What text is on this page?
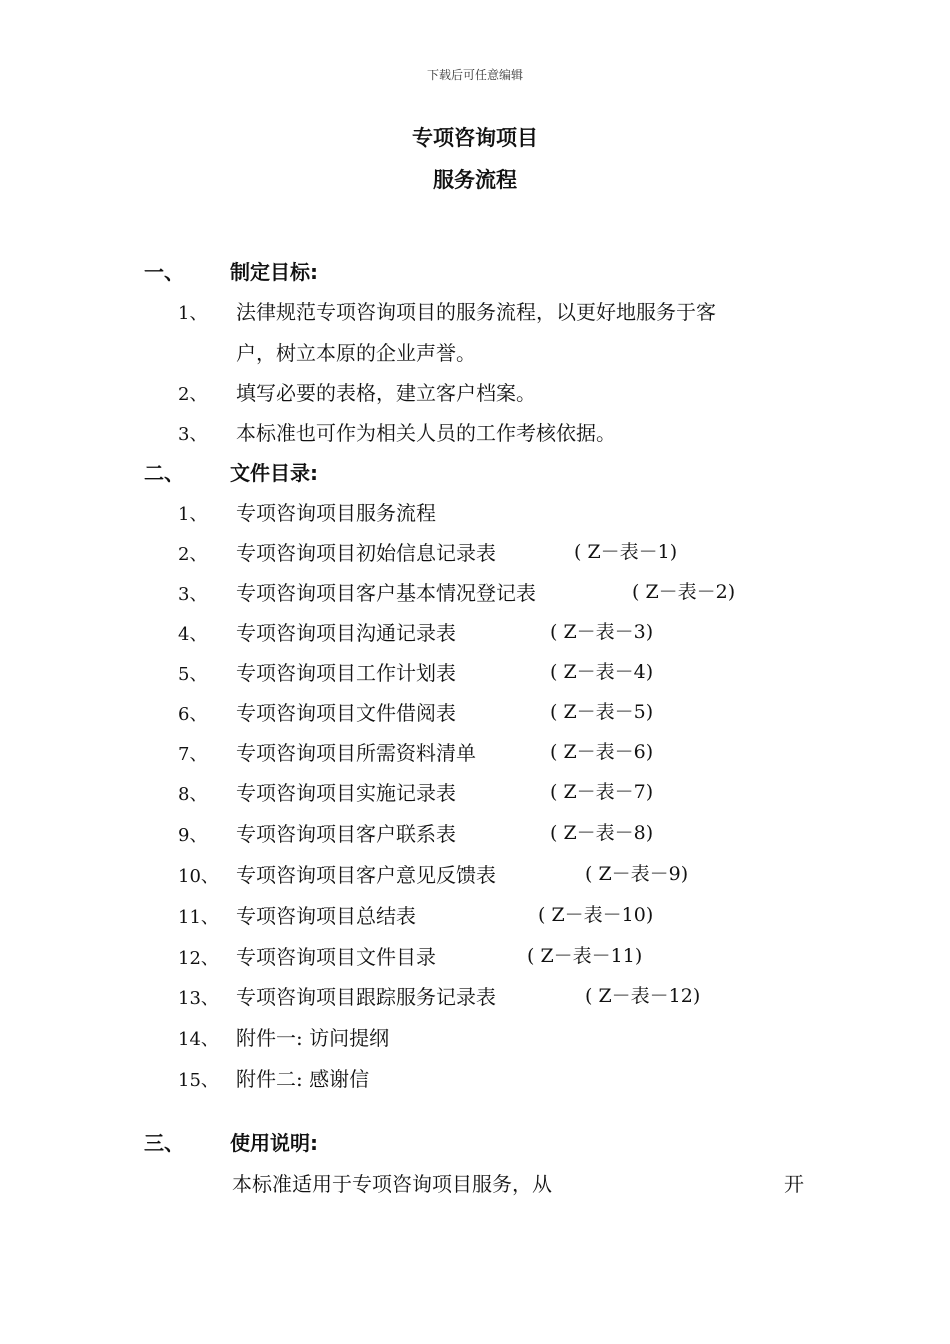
下载后可任意编辑
专项咨询项目
服务流程
一、 制定目标:
1、 法律规范专项咨询项目的服务流程，以更好地服务于客
户，树立本原的企业声誉。
2、 填写必要的表格，建立客户档案。
3、 本标准也可作为相关人员的工作考核依据。
二、 文件目录:
1、 专项咨询项目服务流程
2、 专项咨询项目初始信息记录表	( Z－表－1)
3、 专项咨询项目客户基本情况登记表	( Z－表－2)
4、 专项咨询项目沟通记录表	( Z－表－3)
5、 专项咨询项目工作计划表	( Z－表－4)
6、 专项咨询项目文件借阅表	( Z－表－5)
7、 专项咨询项目所需资料清单	( Z－表－6)
8、 专项咨询项目实施记录表	( Z－表－7)
9、 专项咨询项目客户联系表	( Z－表－8)
10、 专项咨询项目客户意见反馈表	( Z－表－9)
11、 专项咨询项目总结表	( Z－表－10)
12、 专项咨询项目文件目录	( Z－表－11)
13、 专项咨询项目跟踪服务记录表	( Z－表－12)
14、 附件一: 访问提纲
15、 附件二: 感谢信
三、 使用说明:
本标准适用于专项咨询项目服务，从	开
